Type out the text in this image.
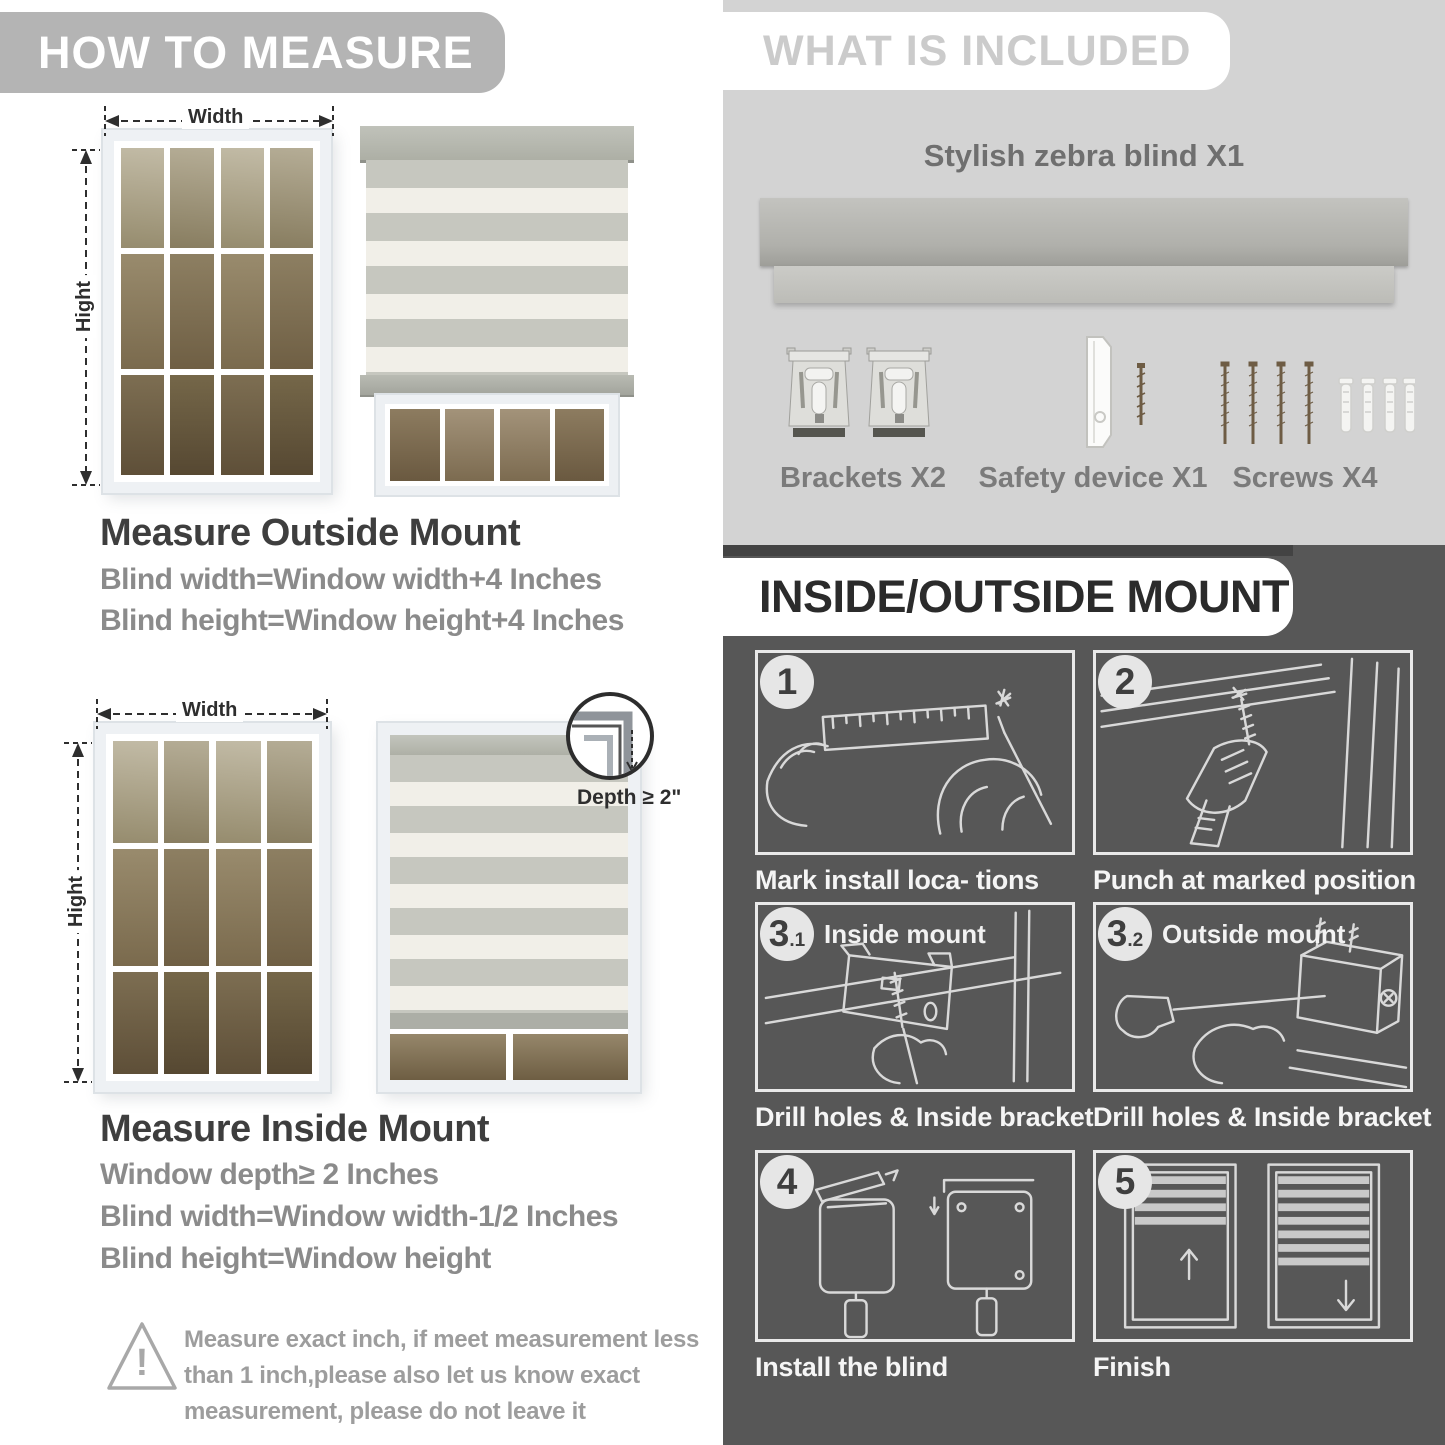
HOW TO MEASURE
Width
Hight
Measure Outside Mount
Blind width=Window width+4 Inches
Blind height=Window height+4 Inches
Width
Hight
Depth ≥ 2"
Measure Inside Mount
Window depth≥ 2 Inches
Blind width=Window width-1/2 Inches
Blind height=Window height
!
Measure exact inch, if meet measurement less
than 1 inch,please also let us know exact
measurement, please do not leave it
WHAT IS INCLUDED
Stylish zebra blind X1
Brackets X2	Safety device X1 Screws X4
INSIDE/OUTSIDE MOUNT
1
Mark install loca- tions
2
Punch at marked position
3 .1 Inside mount
Drill holes & Inside bracket
3 .2 Outside mount
Drill holes & Inside bracket
4
Install the blind
5
Finish
